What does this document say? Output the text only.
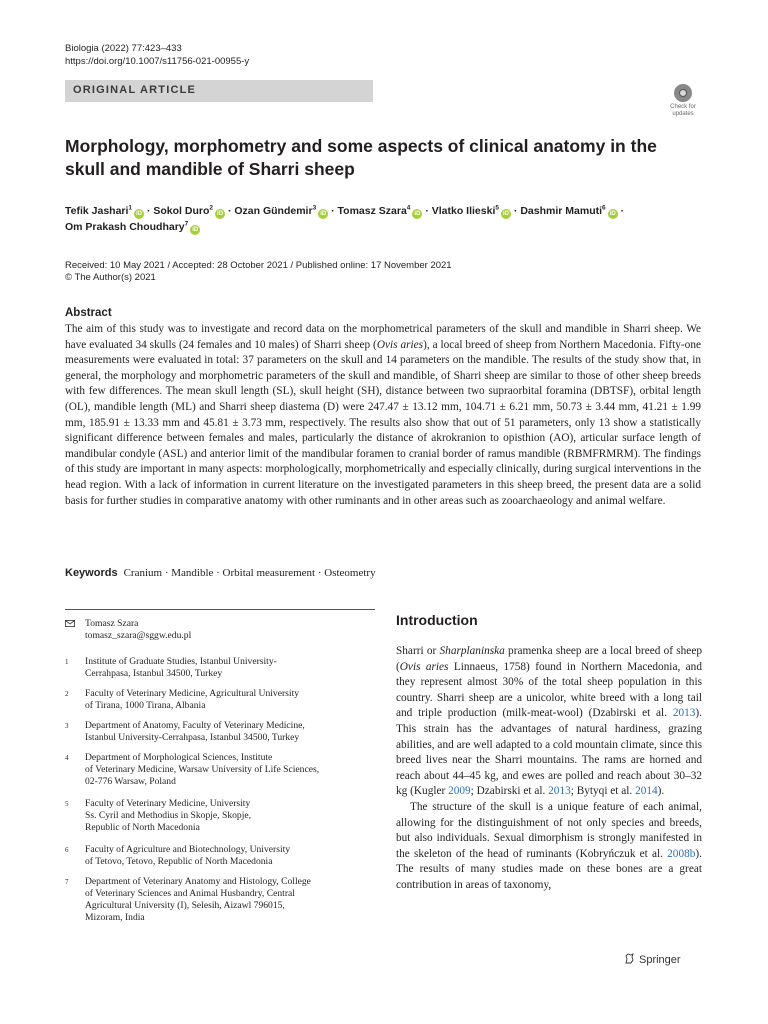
Biologia (2022) 77:423–433
https://doi.org/10.1007/s11756-021-00955-y
ORIGINAL ARTICLE
Check for
updates
Morphology, morphometry and some aspects of clinical anatomy in the skull and mandible of Sharri sheep
Tefik Jashari$^1$iD · Sokol Duro$^2$iD · Ozan Gündemir$^3$iD · Tomasz Szara$^4$iD · Vlatko Ilieski$^5$iD · Dashmir Mamuti$^6$iD ·
Om Prakash Choudhary$^7$iD
Received: 10 May 2021 / Accepted: 28 October 2021 / Published online: 17 November 2021
© The Author(s) 2021
Abstract

The aim of this study was to investigate and record data on the morphometrical parameters of the skull and mandible in Sharri sheep. We have evaluated 34 skulls (24 females and 10 males) of Sharri sheep (Ovis aries), a local breed of sheep from Northern Macedonia. Fifty-one measurements were evaluated in total: 37 parameters on the skull and 14 parameters on the mandible. The results of the study show that, in general, the morphology and morphometric parameters of the skull and mandible, of Sharri sheep are similar to those of other sheep breeds with few differences. The mean skull length (SL), skull height (SH), distance between two supraorbital foramina (DBTSF), orbital length (OL), mandible length (ML) and Sharri sheep diastema (D) were 247.47 ± 13.12 mm, 104.71 ± 6.21 mm, 50.73 ± 3.44 mm, 41.21 ± 1.99 mm, 185.91 ± 13.33 mm and 45.81 ± 3.73 mm, respectively. The results also show that out of 51 parameters, only 13 show a statistically significant difference between females and males, particularly the distance of akrokranion to opisthion (AO), articular surface length of mandibular condyle (ASL) and anterior limit of the mandibular foramen to cranial border of ramus mandible (RBMFRMRM). The findings of this study are important in many aspects: morphologically, morphometrically and especially clinically, during surgical interventions in the head region. With a lack of information in current literature on the investigated parameters in this sheep breed, the present data are a solid basis for further studies in comparative anatomy with other ruminants and in other areas such as zooarchaeology and animal welfare.

Keywords Cranium · Mandible · Orbital measurement · Osteometry
Tomasz Szara
tomasz_szara@sggw.edu.pl
1 Institute of Graduate Studies, Istanbul University-
Cerrahpasa, Istanbul 34500, Turkey
2 Faculty of Veterinary Medicine, Agricultural University
of Tirana, 1000 Tirana, Albania
3 Department of Anatomy, Faculty of Veterinary Medicine,
Istanbul University-Cerrahpasa, Istanbul 34500, Turkey
4 Department of Morphological Sciences, Institute
of Veterinary Medicine, Warsaw University of Life Sciences,
02-776 Warsaw, Poland
5 Faculty of Veterinary Medicine, University
Ss. Cyril and Methodius in Skopje, Skopje,
Republic of North Macedonia
6 Faculty of Agriculture and Biotechnology, University
of Tetovo, Tetovo, Republic of North Macedonia
7 Department of Veterinary Anatomy and Histology, College
of Veterinary Sciences and Animal Husbandry, Central
Agricultural University (I), Selesih, Aizawl 796015,
Mizoram, India
Introduction

Sharri or Sharplaninska pramenka sheep are a local breed of sheep (Ovis aries Linnaeus, 1758) found in Northern Macedonia, and they represent almost 30% of the total sheep population in this country. Sharri sheep are a unicolor, white breed with a long tail and triple production (milk-meat-wool) (Dzabirski et al. 2013). This strain has the advantages of natural hardiness, grazing abilities, and are well adapted to a cold mountain climate, since this breed lives near the Sharri mountains. The rams are horned and reach about 44–45 kg, and ewes are polled and reach about 30–32 kg (Kugler 2009; Dzabirski et al. 2013; Bytyqi et al. 2014).
The structure of the skull is a unique feature of each animal, allowing for the distinguishment of not only species and breeds, but also individuals. Sexual dimorphism is strongly manifested in the skeleton of the head of ruminants (Kobryńczuk et al. 2008b). The results of many studies made on these bones are a great contribution in areas of taxonomy,

Springer
